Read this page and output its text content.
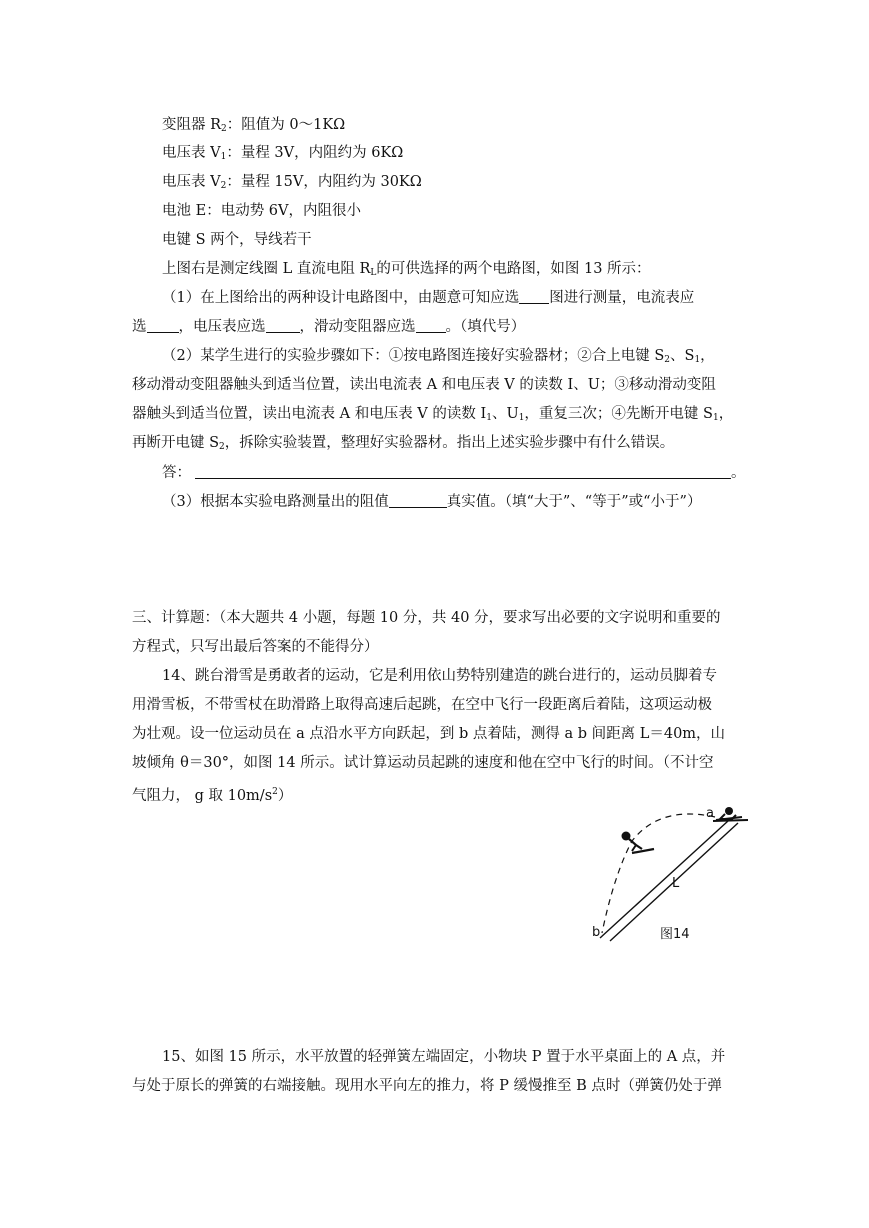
变阻器 $R_2$：阻值为 0～1KΩ
电压表 $V_1$：量程 3V，内阻约为 6KΩ
电压表 $V_2$：量程 15V，内阻约为 30KΩ
电池 E：电动势 6V，内阻很小
电键 S 两个，导线若干
上图右是测定线圈 L 直流电阻 $R_L$的可供选择的两个电路图，如图 13 所示：
（1）在上图给出的两种设计电路图中，由题意可知应选 图进行测量，电流表应
选 ，电压表应选 ，滑动变阻器应选 。（填代号）
（2）某学生进行的实验步骤如下：①按电路图连接好实验器材；②合上电键 $S_2$、$S_1$，
移动滑动变阻器触头到适当位置，读出电流表 A 和电压表 V 的读数 I、U；③移动滑动变阻
器触头到适当位置，读出电流表 A 和电压表 V 的读数 $I_1$、$U_1$，重复三次；④先断开电键 $S_1$，
再断开电键 $S_2$，拆除实验装置，整理好实验器材。指出上述实验步骤中有什么错误。
答：	。
（3）根据本实验电路测量出的阻值	真实值。（填“大于”、“等于”或“小于”）
三、计算题：（本大题共 4 小题，每题 10 分，共 40 分，要求写出必要的文字说明和重要的
方程式，只写出最后答案的不能得分）
14、跳台滑雪是勇敢者的运动，它是利用依山势特别建造的跳台进行的，运动员脚着专
用滑雪板，不带雪杖在助滑路上取得高速后起跳，在空中飞行一段距离后着陆，这项运动极
为壮观。设一位运动员在 a 点沿水平方向跃起，到 b 点着陆，测得 a b 间距离 L＝40m，山
坡倾角 θ＝30°，如图 14 所示。试计算运动员起跳的速度和他在空中飞行的时间。（不计空
气阻力， g 取 $10m/s^2$）
a
b
L
图14
15、如图 15 所示，水平放置的轻弹簧左端固定，小物块 P 置于水平桌面上的 A 点，并
与处于原长的弹簧的右端接触。现用水平向左的推力，将 P 缓慢推至 B 点时（弹簧仍处于弹
